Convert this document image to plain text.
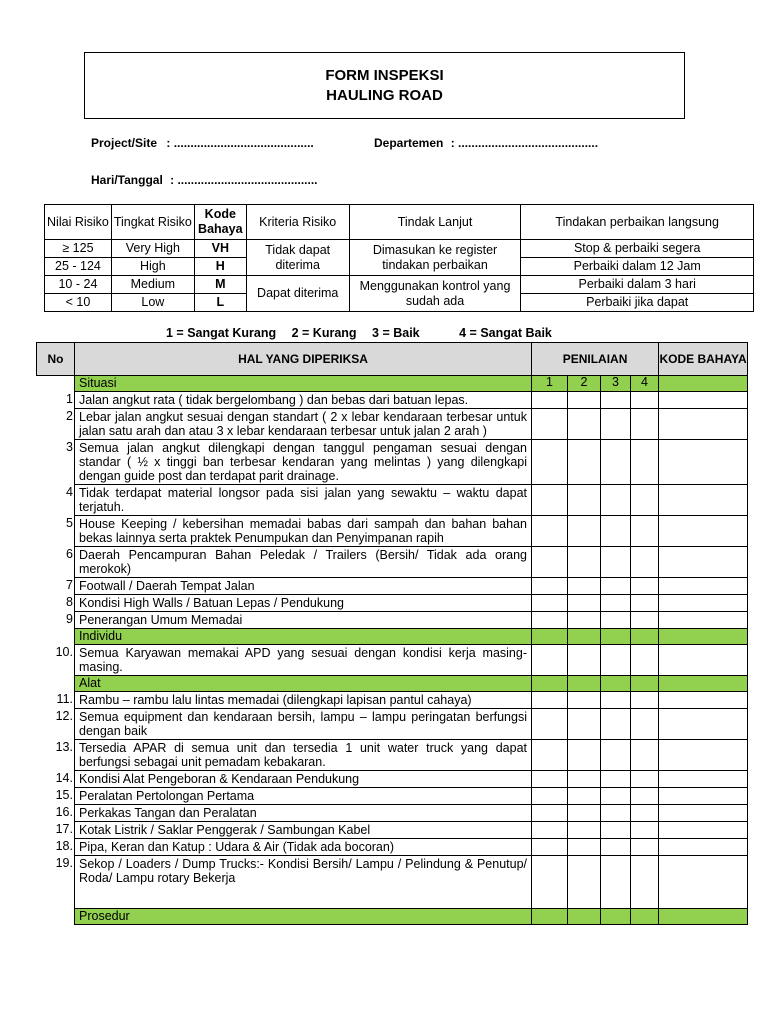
FORM INSPEKSI
HAULING ROAD
Project/Site : ..........................................	Departemen : ..........................................
Hari/Tanggal : ..........................................
Nilai Risiko	Tingkat Risiko	Kode Bahaya	Kriteria Risiko	Tindak Lanjut	Tindakan perbaikan langsung
≥ 125	Very High	VH	Tidak dapat diterima	Dimasukan ke register tindakan perbaikan	Stop & perbaiki segera
25 - 124	High	H			Perbaiki dalam 12 Jam
10 - 24	Medium	M	Dapat diterima	Menggunakan kontrol yang sudah ada	Perbaiki dalam 3 hari
< 10	Low	L			Perbaiki jika dapat
1 = Sangat Kurang 2 = Kurang 3 = Baik	4 = Sangat Baik
No	HAL YANG DIPERIKSA	PENILAIAN				KODE BAHAYA
	Situasi	1	2	3	4	
1	Jalan angkut rata ( tidak bergelombang ) dan bebas dari batuan lepas.					
2	Lebar jalan angkut sesuai dengan standart ( 2 x lebar kendaraan terbesar untuk jalan satu arah dan atau 3 x lebar kendaraan terbesar untuk jalan 2 arah )					
3	Semua jalan angkut dilengkapi dengan tanggul pengaman sesuai dengan standar ( ½ x tinggi ban terbesar kendaran yang melintas ) yang dilengkapi dengan guide post dan terdapat parit drainage.					
4	Tidak terdapat material longsor pada sisi jalan yang sewaktu – waktu dapat terjatuh.					
5	House Keeping / kebersihan memadai babas dari sampah dan bahan bahan bekas lainnya serta praktek Penumpukan dan Penyimpanan rapih					
6	Daerah Pencampuran Bahan Peledak / Trailers (Bersih/ Tidak ada orang merokok)					
7	Footwall / Daerah Tempat Jalan					
8	Kondisi High Walls / Batuan Lepas / Pendukung					
9	Penerangan Umum Memadai					
	Individu					
10.	Semua Karyawan memakai APD yang sesuai dengan kondisi kerja masing-masing.					
	Alat					
11.	Rambu – rambu lalu lintas memadai (dilengkapi lapisan pantul cahaya)					
12.	Semua equipment dan kendaraan bersih, lampu – lampu peringatan berfungsi dengan baik					
13.	Tersedia APAR di semua unit dan tersedia 1 unit water truck yang dapat berfungsi sebagai unit pemadam kebakaran.					
14.	Kondisi Alat Pengeboran & Kendaraan Pendukung					
15.	Peralatan Pertolongan Pertama					
16.	Perkakas Tangan dan Peralatan					
17.	Kotak Listrik / Saklar Penggerak / Sambungan Kabel					
18.	Pipa, Keran dan Katup : Udara & Air (Tidak ada bocoran)					
19.	Sekop / Loaders / Dump Trucks:- Kondisi Bersih/ Lampu / Pelindung & Penutup/ Roda/ Lampu rotary Bekerja					
	Prosedur					
